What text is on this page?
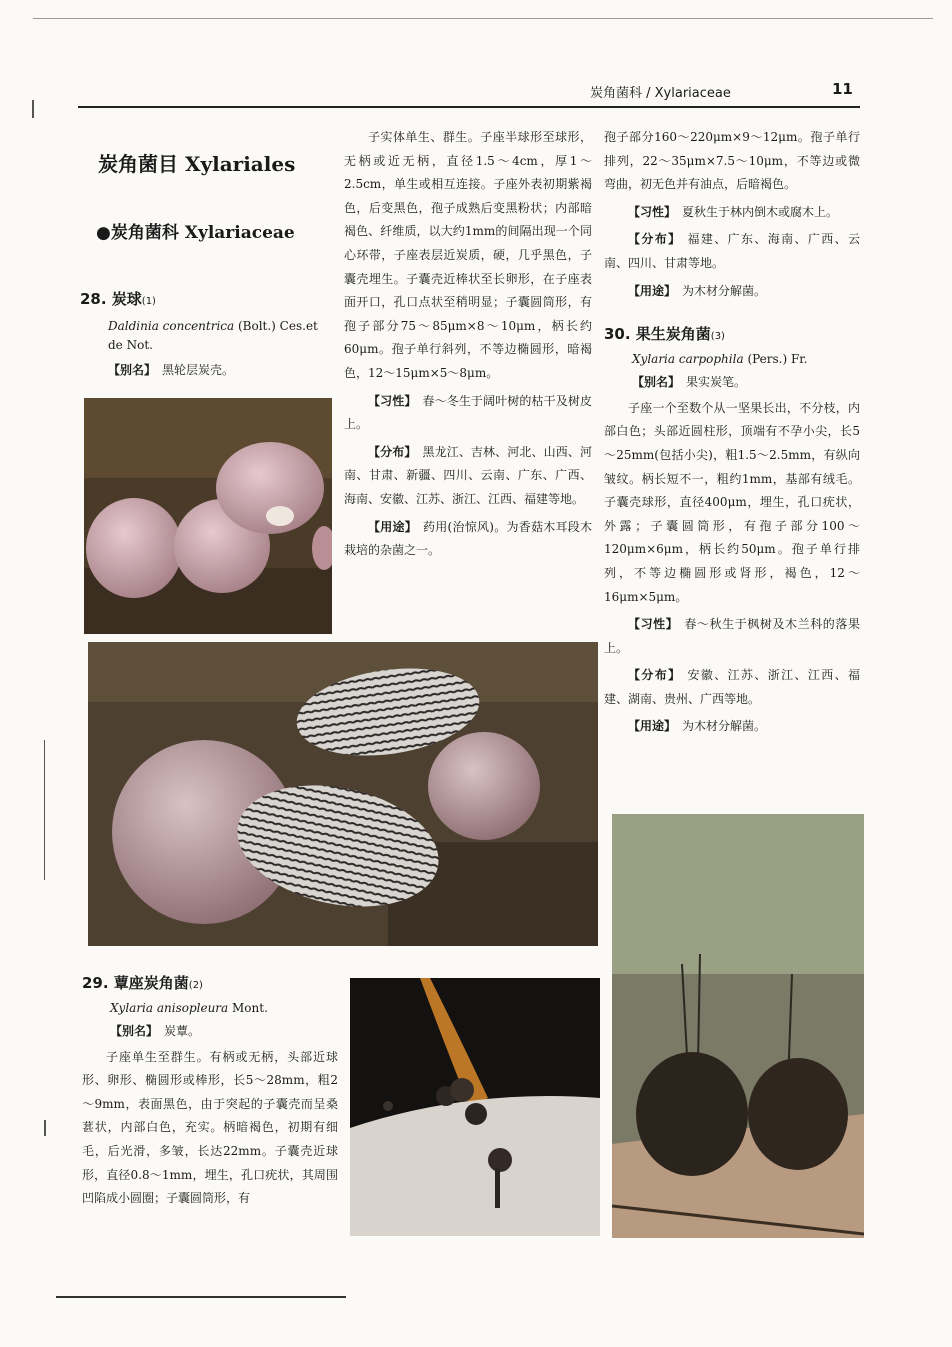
炭角菌科 / Xylariaceae	11
炭角菌目 Xylariales
●炭角菌科 Xylariaceae
28. 炭球(1)
Daldinia concentrica (Bolt.) Ces.et de Not.

【别名】 黑轮层炭壳。

子实体单生、群生。子座半球形至球形，无柄或近无柄，直径1.5～4cm，厚1～2.5cm，单生或相互连接。子座外表初期紫褐色，后变黑色，孢子成熟后变黑粉状；内部暗褐色、纤维质，以大约1mm的间隔出现一个同心环带，子座表层近炭质，硬，几乎黑色，子囊壳埋生。子囊壳近棒状至长卵形，在子座表面开口，孔口点状至稍明显；子囊圆筒形，有孢子部分75～85μm×8～10μm，柄长约60μm。孢子单行斜列，不等边椭圆形，暗褐色，12～15μm×5～8μm。

【习性】 春～冬生于阔叶树的枯干及树皮上。

【分布】 黑龙江、吉林、河北、山西、河南、甘肃、新疆、四川、云南、广东、广西、海南、安徽、江苏、浙江、江西、福建等地。

【用途】 药用(治惊风)。为香菇木耳段木栽培的杂菌之一。

孢子部分160～220μm×9～12μm。孢子单行排列，22～35μm×7.5～10μm，不等边或微弯曲，初无色并有油点，后暗褐色。

【习性】 夏秋生于林内倒木或腐木上。

【分布】 福建、广东、海南、广西、云南、四川、甘肃等地。

【用途】 为木材分解菌。

30. 果生炭角菌(3)
Xylaria carpophila (Pers.) Fr.

【别名】 果实炭笔。

子座一个至数个从一坚果长出，不分枝，内部白色；头部近圆柱形，顶端有不孕小尖，长5～25mm(包括小尖)，粗1.5～2.5mm，有纵向皱纹。柄长短不一，粗约1mm，基部有绒毛。子囊壳球形，直径400μm，埋生，孔口疣状，外露；子囊圆筒形，有孢子部分100～120μm×6μm，柄长约50μm。孢子单行排列，不等边椭圆形或肾形，褐色，12～16μm×5μm。

【习性】 春～秋生于枫树及木兰科的落果上。

【分布】 安徽、江苏、浙江、江西、福建、湖南、贵州、广西等地。

【用途】 为木材分解菌。

29. 蕈座炭角菌(2)
Xylaria anisopleura Mont.

【别名】 炭蕈。

子座单生至群生。有柄或无柄，头部近球形、卵形、椭圆形或棒形，长5～28mm，粗2～9mm，表面黑色，由于突起的子囊壳而呈桑葚状，内部白色，充实。柄暗褐色，初期有细毛，后光滑，多皱，长达22mm。子囊壳近球形，直径0.8～1mm，埋生，孔口疣状，其周围凹陷成小圆圈；子囊圆筒形，有
